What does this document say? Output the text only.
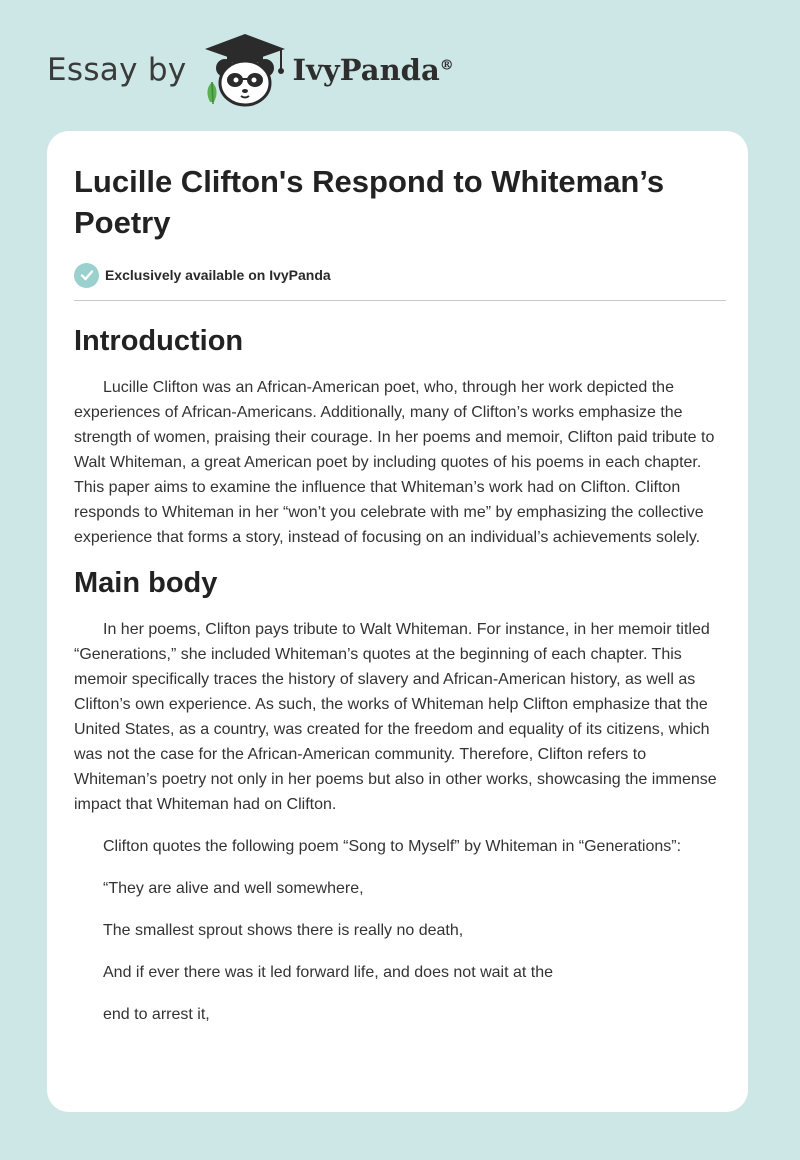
Essay by	IvyPanda®
Lucille Clifton's Respond to Whiteman’s Poetry
Exclusively available on IvyPanda
Introduction

Lucille Clifton was an African-American poet, who, through her work depicted the experiences of African-Americans. Additionally, many of Clifton’s works emphasize the strength of women, praising their courage. In her poems and memoir, Clifton paid tribute to Walt Whiteman, a great American poet by including quotes of his poems in each chapter. This paper aims to examine the influence that Whiteman’s work had on Clifton. Clifton responds to Whiteman in her “won’t you celebrate with me” by emphasizing the collective experience that forms a story, instead of focusing on an individual’s achievements solely.

Main body

In her poems, Clifton pays tribute to Walt Whiteman. For instance, in her memoir titled “Generations,” she included Whiteman’s quotes at the beginning of each chapter. This memoir specifically traces the history of slavery and African-American history, as well as Clifton’s own experience. As such, the works of Whiteman help Clifton emphasize that the United States, as a country, was created for the freedom and equality of its citizens, which was not the case for the African-American community. Therefore, Clifton refers to Whiteman’s poetry not only in her poems but also in other works, showcasing the immense impact that Whiteman had on Clifton.

Clifton quotes the following poem “Song to Myself” by Whiteman in “Generations”:
“They are alive and well somewhere,
The smallest sprout shows there is really no death,
And if ever there was it led forward life, and does not wait at the
end to arrest it,
